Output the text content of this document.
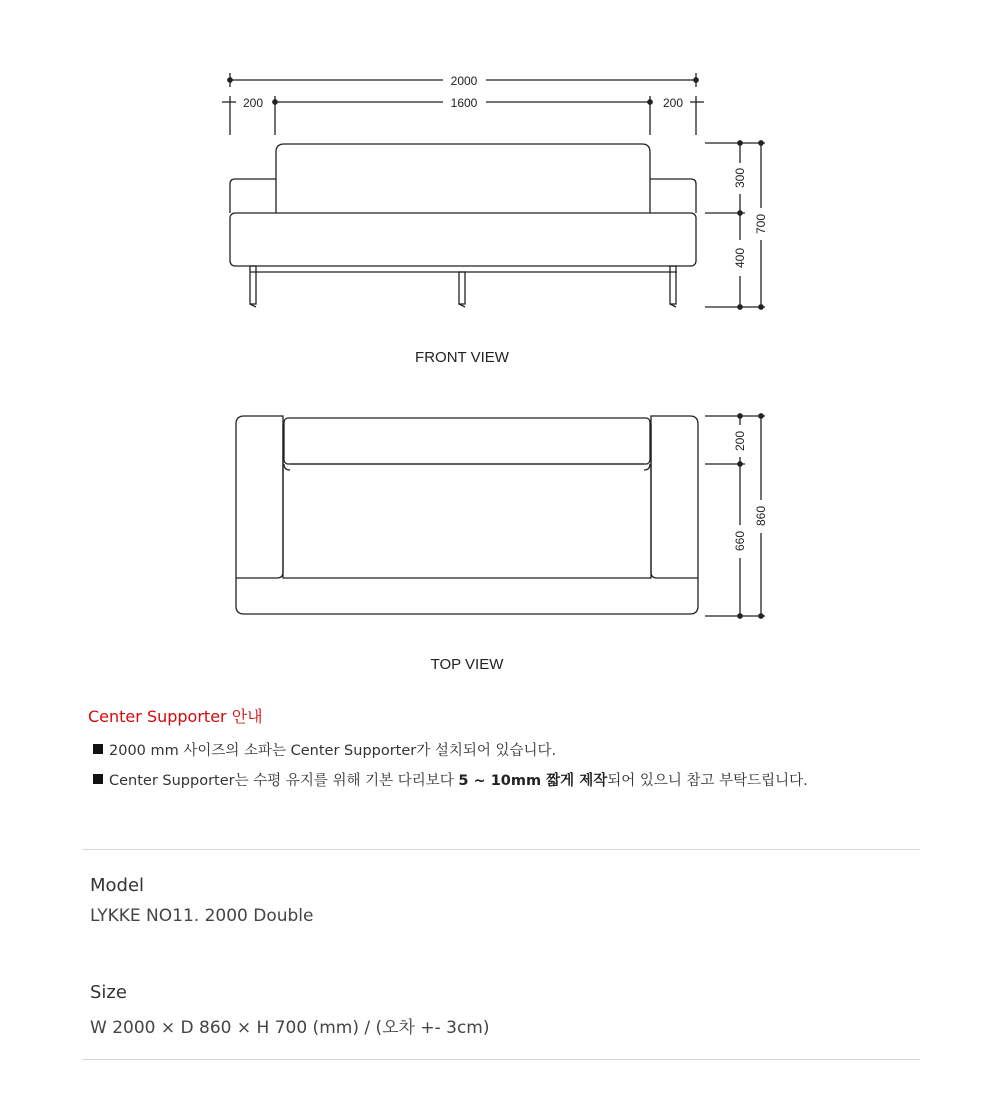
2000
200	1600	200
300
400
700
200
660
860
FRONT VIEW
TOP VIEW
Center Supporter 안내
2000 mm 사이즈의 소파는 Center Supporter가 설치되어 있습니다.
Center Supporter는 수평 유지를 위해 기본 다리보다 5 ~ 10mm 짧게 제작되어 있으니 참고 부탁드립니다.
Model
LYKKE NO11. 2000 Double
Size
W 2000 × D 860 × H 700 (mm) / (오차 +- 3cm)
